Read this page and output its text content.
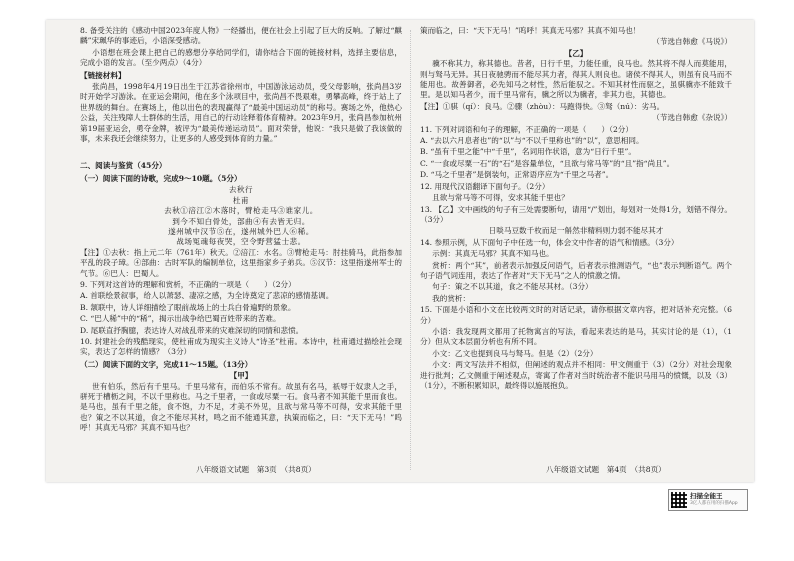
8. 备受关注的《感动中国2023年度人物》一经播出，便在社会上引起了巨大的反响。了解过“麒麟”宋珮华的事迹后，小语深受感动。

小语想在班会课上把自己的感想分享给同学们，请你结合下面的链接材料，选择主要信息，完成小语的发言。（至少两点）（4分）

【链接材料】

张尚昌，1998年4月19日出生于江苏省徐州市，中国游泳运动员，受父母影响，张尚昌3岁时开始学习游泳。在亚运会期间，他在多个泳项目中，张尚昌不畏艰难，勇攀高峰，终于站上了世界级的舞台。在赛场上，他以出色的表现赢得了“最美中国运动员”的称号。赛场之外，他热心公益，关注残障人士群体的生活，用自己的行动诠释着体育精神。2023年9月，张尚昌参加杭州第19届亚运会，勇夺金牌，被评为“最美传递运动员”。面对荣誉，他说：“我只是做了我该做的事，未来我还会继续努力，让更多的人感受到体育的力量。”

二、阅读与鉴赏（45分）

（一）阅读下面的诗歌，完成9～10题。（5分）

去秋行

杜甫

去秋①涪江②木落时，臂枪走马③谁家儿。

到今不知白骨处，部曲④有去皆无归。

遂州城中汉节⑤在，遂州城外巴人⑥稀。

战场冤魂每夜哭，空令野营猛士悲。

【注】①去秋：指上元二年（761年）秋天。②涪江：水名。③臂枪走马：肘挂骑马，此指参加平乱的段子璋。④部曲：古时军队的编制单位，这里指家乡子弟兵。⑤汉节：这里指遂州军士的气节。⑥巴人：巴蜀人。

9. 下列对这首诗的理解和赏析，不正确的一项是（　　）（2分）

A. 首联绘景叙事，给人以萧瑟、凄凉之感，为全诗奠定了悲凉的感情基调。

B. 颔联中，诗人详细描绘了眼前战场上的士兵白骨遍野的景象。

C. “巴人稀”中的“稀”，揭示出战争给巴蜀百姓带来的苦难。

D. 尾联直抒胸臆，表达诗人对战乱带来的灾难深切的同情和悲愤。

10. 封建社会的残酷现实，使杜甫成为现实主义诗人“诗圣”杜甫。本诗中，杜甫通过描绘社会现实，表达了怎样的情感？（3分）

（二）阅读下面的文字，完成11～15题。（13分）

【甲】

世有伯乐，然后有千里马。千里马常有，而伯乐不常有。故虽有名马，祇辱于奴隶人之手，骈死于槽枥之间，不以千里称也。马之千里者，一食或尽粟一石。食马者不知其能千里而食也。是马也，虽有千里之能，食不饱，力不足，才美不外见，且欲与常马等不可得，安求其能千里也？策之不以其道，食之不能尽其材，鸣之而不能通其意，执策而临之，曰：“天下无马！”呜呼！其真无马邪？其真不知马也？

策而临之，曰：“天下无马！”呜呼！其真无马邪？其真不知马也！

（节选自韩愈《马说》）

【乙】

骥不称其力，称其德也。昔者，日行千里，力能任重，良马也。然其将不得人而莫能用，则与驽马无异。其日夜驰骋而不能尽其力者，得其人则良也。诸侯不得其人，则虽有良马而不能用也。故善御者，必先知马之材性，然后能驭之。不知其材性而驱之，虽骐骥亦不能致千里。是以知马者少，而千里马常有，骥之所以为骥者，非其力也，其德也。

【注】①骐（qí）：良马。②骤（zhòu）：马跑得快。③驽（nú）：劣马。

（节选自韩愈《杂说》）

11. 下列对词语和句子的理解，不正确的一项是（　　）（2分）

A. “去以六月息者也”的“以”与“不以千里称也”的“以”，意思相同。

B. “虽有千里之能”中“千里”，名词用作状语，意为“日行千里”。

C. “一食或尽粟一石”的“石”是容量单位，“且欲与常马等”的“且”指“尚且”。

D. “马之千里者”是倒装句，正常语序应为“千里之马者”。

12. 用现代汉语翻译下面句子。（2分）

且欲与常马等不可得，安求其能千里也？

13. 【乙】文中画线的句子有三处需要断句，请用“/”划出，每划对一处得1分，划错不得分。（3分）

日啖马豆数千枚而足一斛然非精料则力弱不能尽其才

14. 参照示例，从下面句子中任选一句，体会文中作者的语气和情感。（3分）

示例：其真无马邪？其真不知马也。

赏析：两个“其”，前者表示加强反问语气，后者表示推测语气，“也”表示判断语气。两个句子语气词连用，表达了作者对“天下无马”之人的愤激之情。

句子：策之不以其道，食之不能尽其材。（3分）

我的赏析：

15. 下面是小语和小文在比较两文时的对话记录，请你根据文章内容，把对话补充完整。（6分）

小语：我发现两文都用了托物寓言的写法，看起来表达的是马，其实讨论的是（1），（1分）但从文本层面分析也有所不同。

小文：乙文也提到良马与驽马。但是（2）（2分）

小文：两文写法并不相似，但阐述的观点并不相同：甲文侧重于（3）（2分）对社会现象进行批判；乙文侧重于阐述观点，寄寓了作者对当时统治者不能识马用马的愤慨，以及（3）（1分），不断积累知识，最终得以施展抱负。

八年级语文试题　第3页　（共8页）	八年级语文试题　第4页　（共8页）
扫描全能王
3亿人都在用的扫描App
